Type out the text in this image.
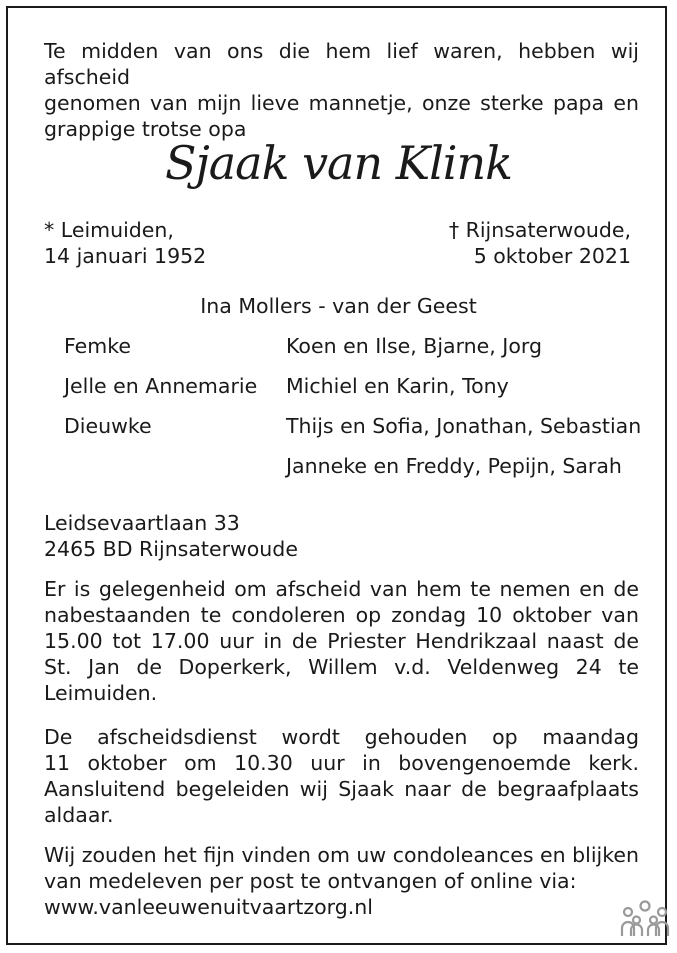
Te midden van ons die hem lief waren, hebben wij afscheid
genomen van mijn lieve mannetje, onze sterke papa en
grappige trotse opa
Sjaak van Klink
* Leimuiden,
14 januari 1952
† Rijnsaterwoude,
5 oktober 2021
Ina Mollers - van der Geest
Femke	Koen en Ilse, Bjarne, Jorg
Jelle en Annemarie Michiel en Karin, Tony
Dieuwke	Thijs en Sofia, Jonathan, Sebastian
Janneke en Freddy, Pepijn, Sarah
Leidsevaartlaan 33
2465 BD Rijnsaterwoude
Er is gelegenheid om afscheid van hem te nemen en de
nabestaanden te condoleren op zondag 10 oktober van
15.00 tot 17.00 uur in de Priester Hendrikzaal naast de
St. Jan de Doperkerk, Willem v.d. Veldenweg 24 te
Leimuiden.
De afscheidsdienst wordt gehouden op maandag
11 oktober om 10.30 uur in bovengenoemde kerk.
Aansluitend begeleiden wij Sjaak naar de begraafplaats
aldaar.
Wij zouden het fijn vinden om uw condoleances en blijken
van medeleven per post te ontvangen of online via:
www.vanleeuwenuitvaartzorg.nl
